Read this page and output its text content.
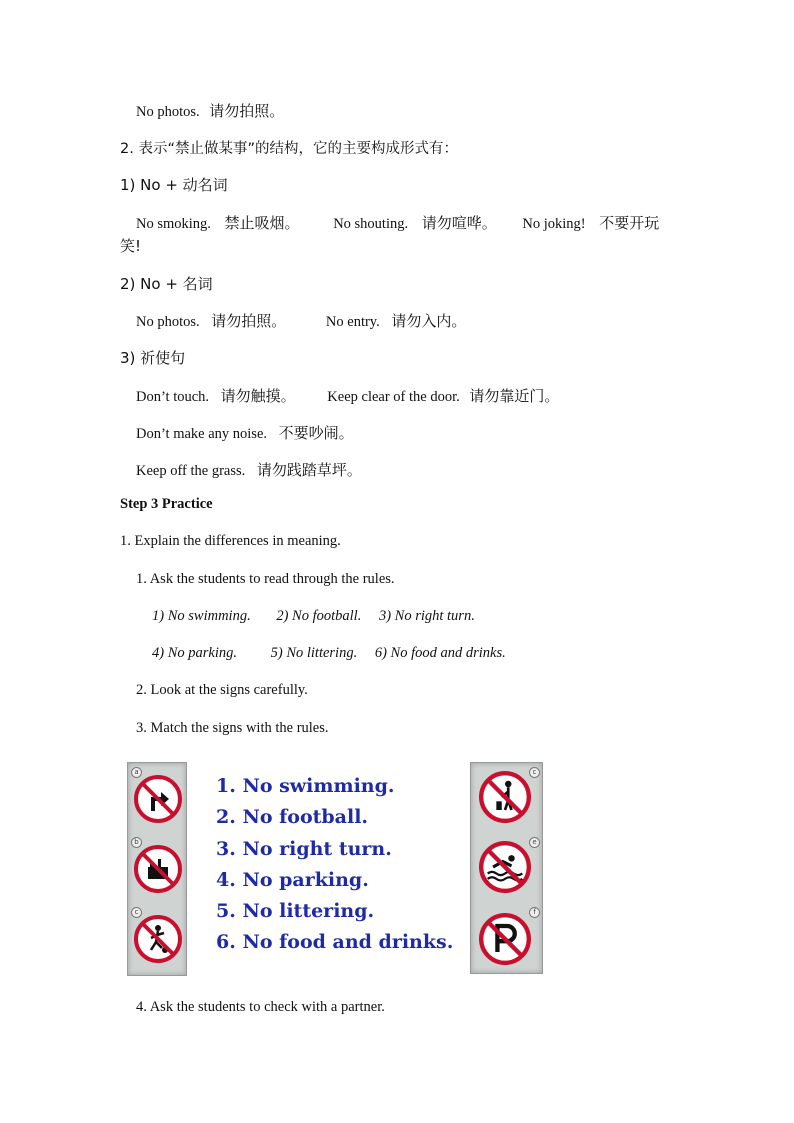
No photos. 请勿拍照。
2. 表示“禁止做某事”的结构，它的主要构成形式有：
1) No + 动名词
No smoking. 禁止吸烟。 No shouting. 请勿喧哗。 No joking! 不要开玩
笑!
2) No + 名词
No photos. 请勿拍照。	No entry. 请勿入内。
3) 祈使句
Don’t touch. 请勿触摸。 Keep clear of the door. 请勿靠近门。
Don’t make any noise. 不要吵闹。
Keep off the grass. 请勿践踏草坪。
Step 3 Practice
1. Explain the differences in meaning.
1. Ask the students to read through the rules.
1) No swimming. 2) No football. 3) No right turn.
4) No parking. 5) No littering. 6) No food and drinks.
2. Look at the signs carefully.
3. Match the signs with the rules.
a
b
c
1. No swimming.
2. No football.
3. No right turn.
4. No parking.
5. No littering.
6. No food and drinks.
c
e
f
4. Ask the students to check with a partner.
